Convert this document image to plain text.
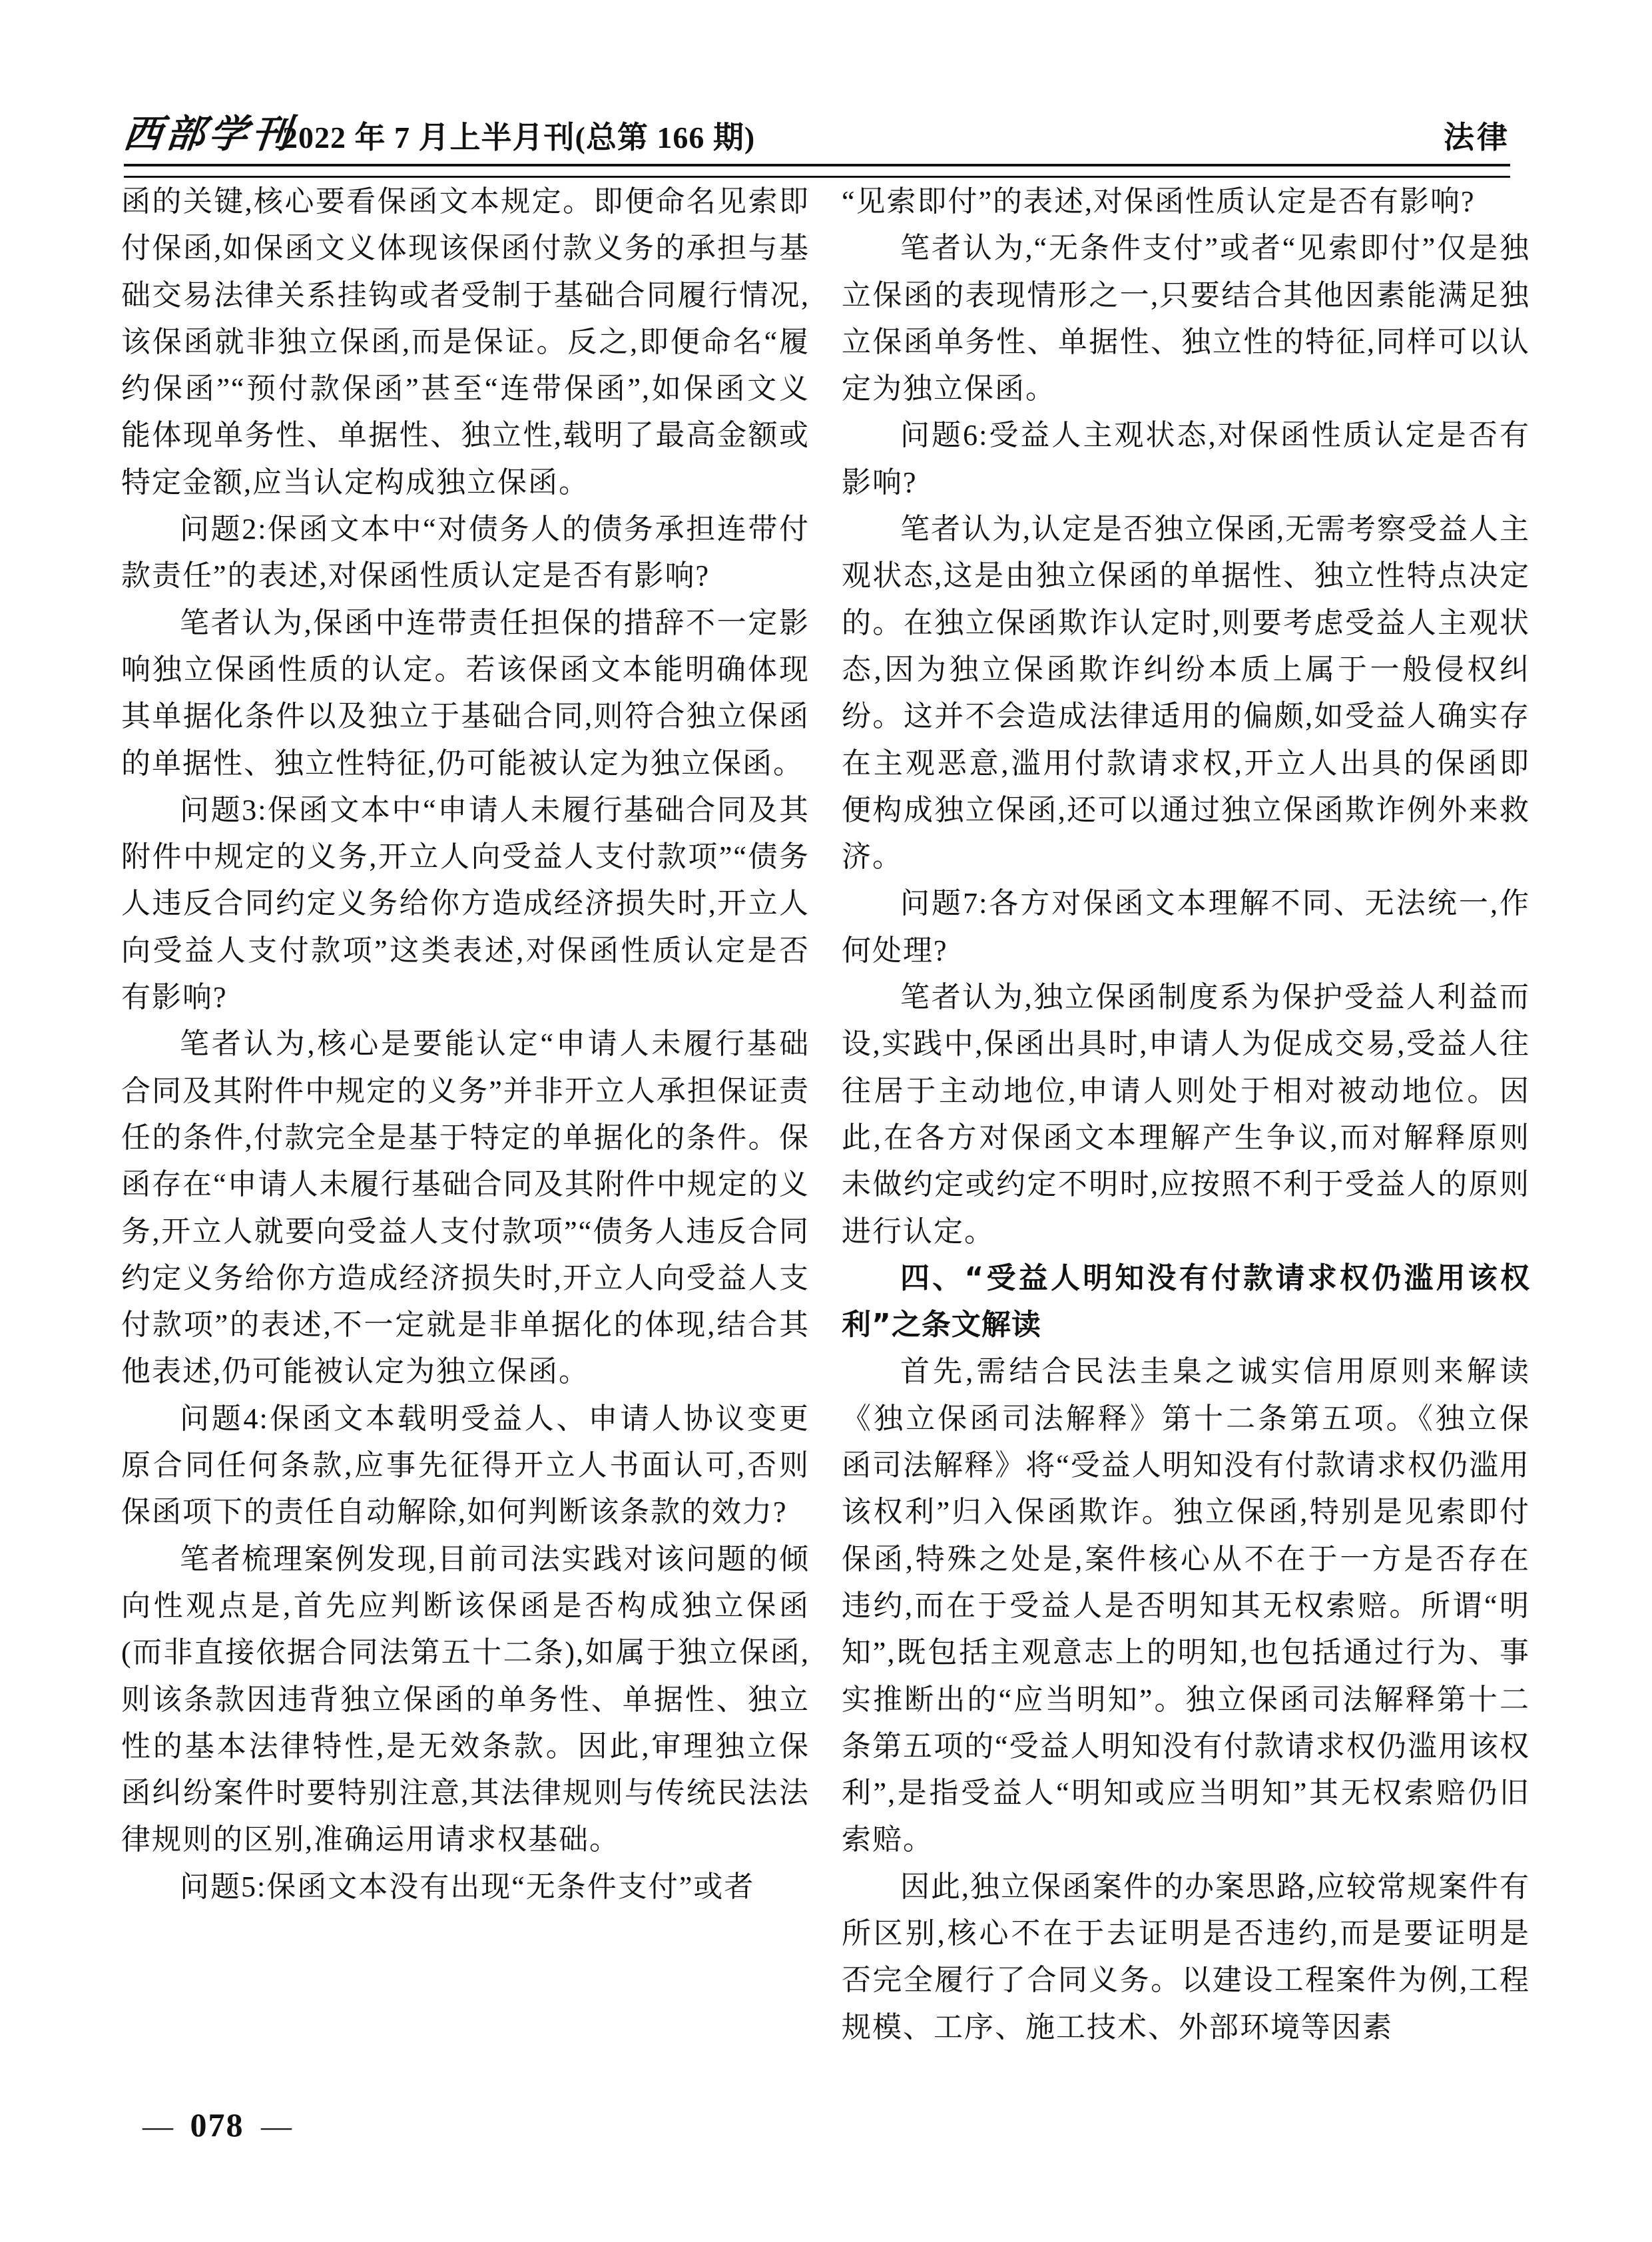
西部学刊
2022 年 7 月上半月刊(总第 166 期)	法律

函的关键,核心要看保函文本规定。即便命名见索即付保函,如保函文义体现该保函付款义务的承担与基础交易法律关系挂钩或者受制于基础合同履行情况,该保函就非独立保函,而是保证。反之,即便命名“履约保函”“预付款保函”甚至“连带保函”,如保函文义能体现单务性、单据性、独立性,载明了最高金额或特定金额,应当认定构成独立保函。

问题2:保函文本中“对债务人的债务承担连带付款责任”的表述,对保函性质认定是否有影响?

笔者认为,保函中连带责任担保的措辞不一定影响独立保函性质的认定。若该保函文本能明确体现其单据化条件以及独立于基础合同,则符合独立保函的单据性、独立性特征,仍可能被认定为独立保函。

问题3:保函文本中“申请人未履行基础合同及其附件中规定的义务,开立人向受益人支付款项”“债务人违反合同约定义务给你方造成经济损失时,开立人向受益人支付款项”这类表述,对保函性质认定是否有影响?

笔者认为,核心是要能认定“申请人未履行基础合同及其附件中规定的义务”并非开立人承担保证责任的条件,付款完全是基于特定的单据化的条件。保函存在“申请人未履行基础合同及其附件中规定的义务,开立人就要向受益人支付款项”“债务人违反合同约定义务给你方造成经济损失时,开立人向受益人支付款项”的表述,不一定就是非单据化的体现,结合其他表述,仍可能被认定为独立保函。

问题4:保函文本载明受益人、申请人协议变更原合同任何条款,应事先征得开立人书面认可,否则保函项下的责任自动解除,如何判断该条款的效力?

笔者梳理案例发现,目前司法实践对该问题的倾向性观点是,首先应判断该保函是否构成独立保函(而非直接依据合同法第五十二条),如属于独立保函,则该条款因违背独立保函的单务性、单据性、独立性的基本法律特性,是无效条款。因此,审理独立保函纠纷案件时要特别注意,其法律规则与传统民法法律规则的区别,准确运用请求权基础。

问题5:保函文本没有出现“无条件支付”或者

“见索即付”的表述,对保函性质认定是否有影响?

笔者认为,“无条件支付”或者“见索即付”仅是独立保函的表现情形之一,只要结合其他因素能满足独立保函单务性、单据性、独立性的特征,同样可以认定为独立保函。

问题6:受益人主观状态,对保函性质认定是否有影响?

笔者认为,认定是否独立保函,无需考察受益人主观状态,这是由独立保函的单据性、独立性特点决定的。在独立保函欺诈认定时,则要考虑受益人主观状态,因为独立保函欺诈纠纷本质上属于一般侵权纠纷。这并不会造成法律适用的偏颇,如受益人确实存在主观恶意,滥用付款请求权,开立人出具的保函即便构成独立保函,还可以通过独立保函欺诈例外来救济。

问题7:各方对保函文本理解不同、无法统一,作何处理?

笔者认为,独立保函制度系为保护受益人利益而设,实践中,保函出具时,申请人为促成交易,受益人往往居于主动地位,申请人则处于相对被动地位。因此,在各方对保函文本理解产生争议,而对解释原则未做约定或约定不明时,应按照不利于受益人的原则进行认定。

四、“受益人明知没有付款请求权仍滥用该权利”之条文解读

首先,需结合民法圭臬之诚实信用原则来解读《独立保函司法解释》第十二条第五项。《独立保函司法解释》将“受益人明知没有付款请求权仍滥用该权利”归入保函欺诈。独立保函,特别是见索即付保函,特殊之处是,案件核心从不在于一方是否存在违约,而在于受益人是否明知其无权索赔。所谓“明知”,既包括主观意志上的明知,也包括通过行为、事实推断出的“应当明知”。独立保函司法解释第十二条第五项的“受益人明知没有付款请求权仍滥用该权利”,是指受益人“明知或应当明知”其无权索赔仍旧索赔。

因此,独立保函案件的办案思路,应较常规案件有所区别,核心不在于去证明是否违约,而是要证明是否完全履行了合同义务。以建设工程案件为例,工程规模、工序、施工技术、外部环境等因素

— 078 —
